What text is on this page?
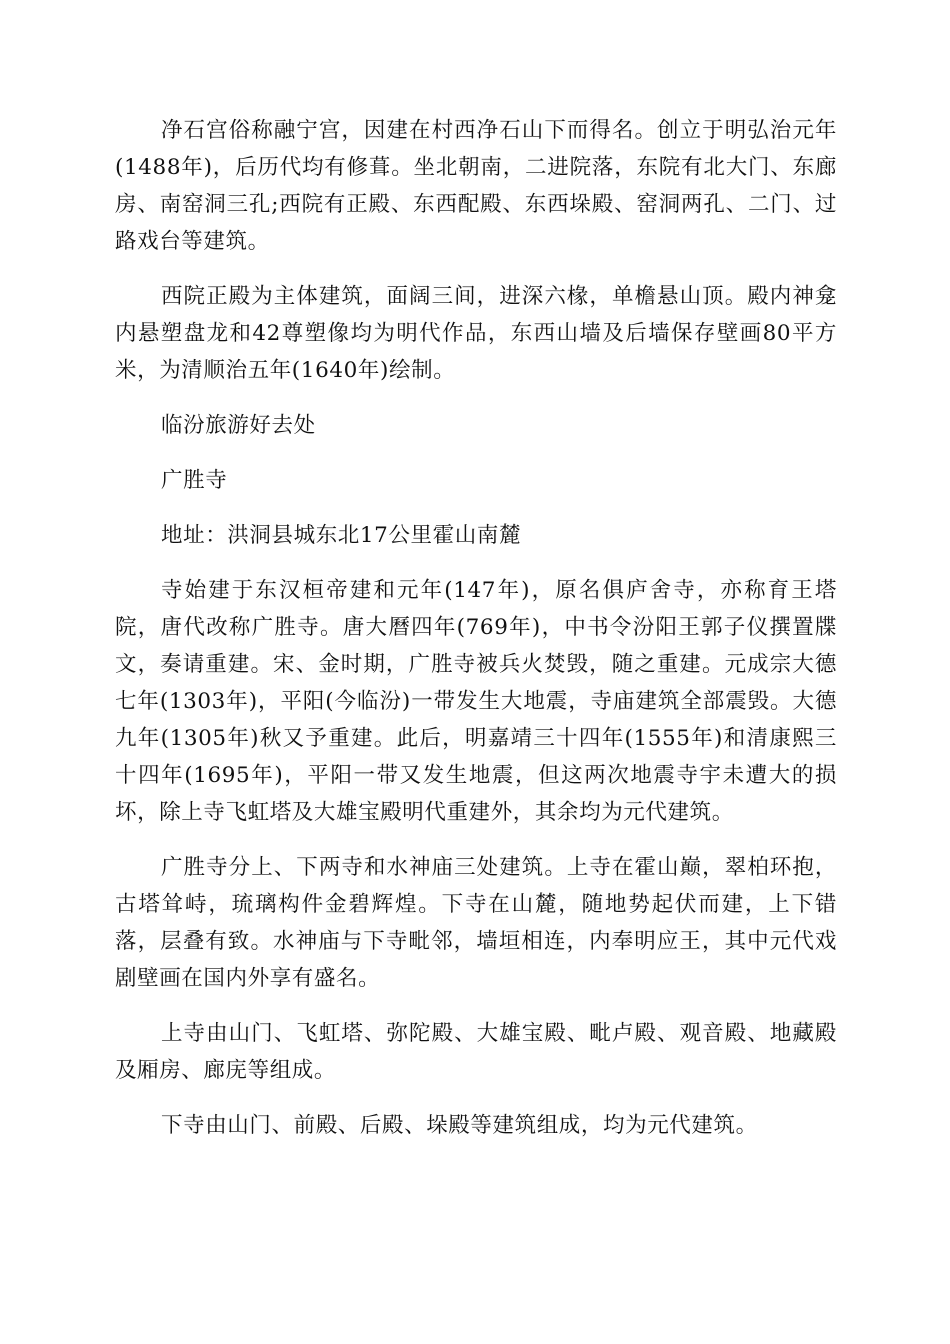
净石宫俗称融宁宫，因建在村西净石山下而得名。创立于明弘治元年(1488年)，后历代均有修葺。坐北朝南，二进院落，东院有北大门、东廊房、南窑洞三孔;西院有正殿、东西配殿、东西垛殿、窑洞两孔、二门、过路戏台等建筑。

西院正殿为主体建筑，面阔三间，进深六椽，单檐悬山顶。殿内神龛内悬塑盘龙和42尊塑像均为明代作品，东西山墙及后墙保存壁画80平方米，为清顺治五年(1640年)绘制。

临汾旅游好去处

广胜寺

地址：洪洞县城东北17公里霍山南麓

寺始建于东汉桓帝建和元年(147年)，原名俱庐舍寺，亦称育王塔院，唐代改称广胜寺。唐大曆四年(769年)，中书令汾阳王郭子仪撰置牒文，奏请重建。宋、金时期，广胜寺被兵火焚毁，随之重建。元成宗大德七年(1303年)，平阳(今临汾)一带发生大地震，寺庙建筑全部震毁。大德九年(1305年)秋又予重建。此后，明嘉靖三十四年(1555年)和清康熙三十四年(1695年)，平阳一带又发生地震，但这两次地震寺宇未遭大的损坏，除上寺飞虹塔及大雄宝殿明代重建外，其余均为元代建筑。

广胜寺分上、下两寺和水神庙三处建筑。上寺在霍山巅，翠柏环抱，古塔耸峙，琉璃构件金碧辉煌。下寺在山麓，随地势起伏而建，上下错落，层叠有致。水神庙与下寺毗邻，墙垣相连，内奉明应王，其中元代戏剧壁画在国内外享有盛名。

上寺由山门、飞虹塔、弥陀殿、大雄宝殿、毗卢殿、观音殿、地藏殿及厢房、廊庑等组成。

下寺由山门、前殿、后殿、垛殿等建筑组成，均为元代建筑。
